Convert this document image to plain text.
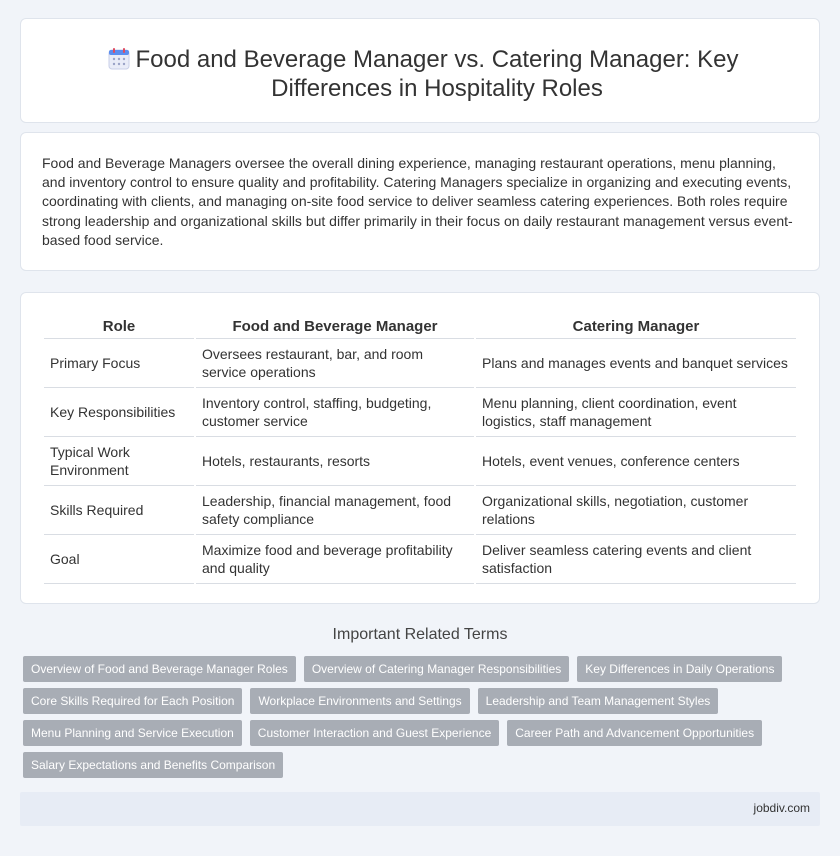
Food and Beverage Manager vs. Catering Manager: Key Differences in Hospitality Roles

Food and Beverage Managers oversee the overall dining experience, managing restaurant operations, menu planning, and inventory control to ensure quality and profitability. Catering Managers specialize in organizing and executing events, coordinating with clients, and managing on-site food service to deliver seamless catering experiences. Both roles require strong leadership and organizational skills but differ primarily in their focus on daily restaurant management versus event-based food service.

Role	Food and Beverage Manager	Catering Manager
Primary Focus	Oversees restaurant, bar, and room service operations	Plans and manages events and banquet services
Key Responsibilities	Inventory control, staffing, budgeting, customer service	Menu planning, client coordination, event logistics, staff management
Typical Work Environment	Hotels, restaurants, resorts	Hotels, event venues, conference centers
Skills Required	Leadership, financial management, food safety compliance	Organizational skills, negotiation, customer relations
Goal	Maximize food and beverage profitability and quality	Deliver seamless catering events and client satisfaction
Important Related Terms
Overview of Food and Beverage Manager Roles	Overview of Catering Manager Responsibilities	Key Differences in Daily Operations
Core Skills Required for Each Position	Workplace Environments and Settings	Leadership and Team Management Styles
Menu Planning and Service Execution	Customer Interaction and Guest Experience	Career Path and Advancement Opportunities
Salary Expectations and Benefits Comparison
jobdiv.com
